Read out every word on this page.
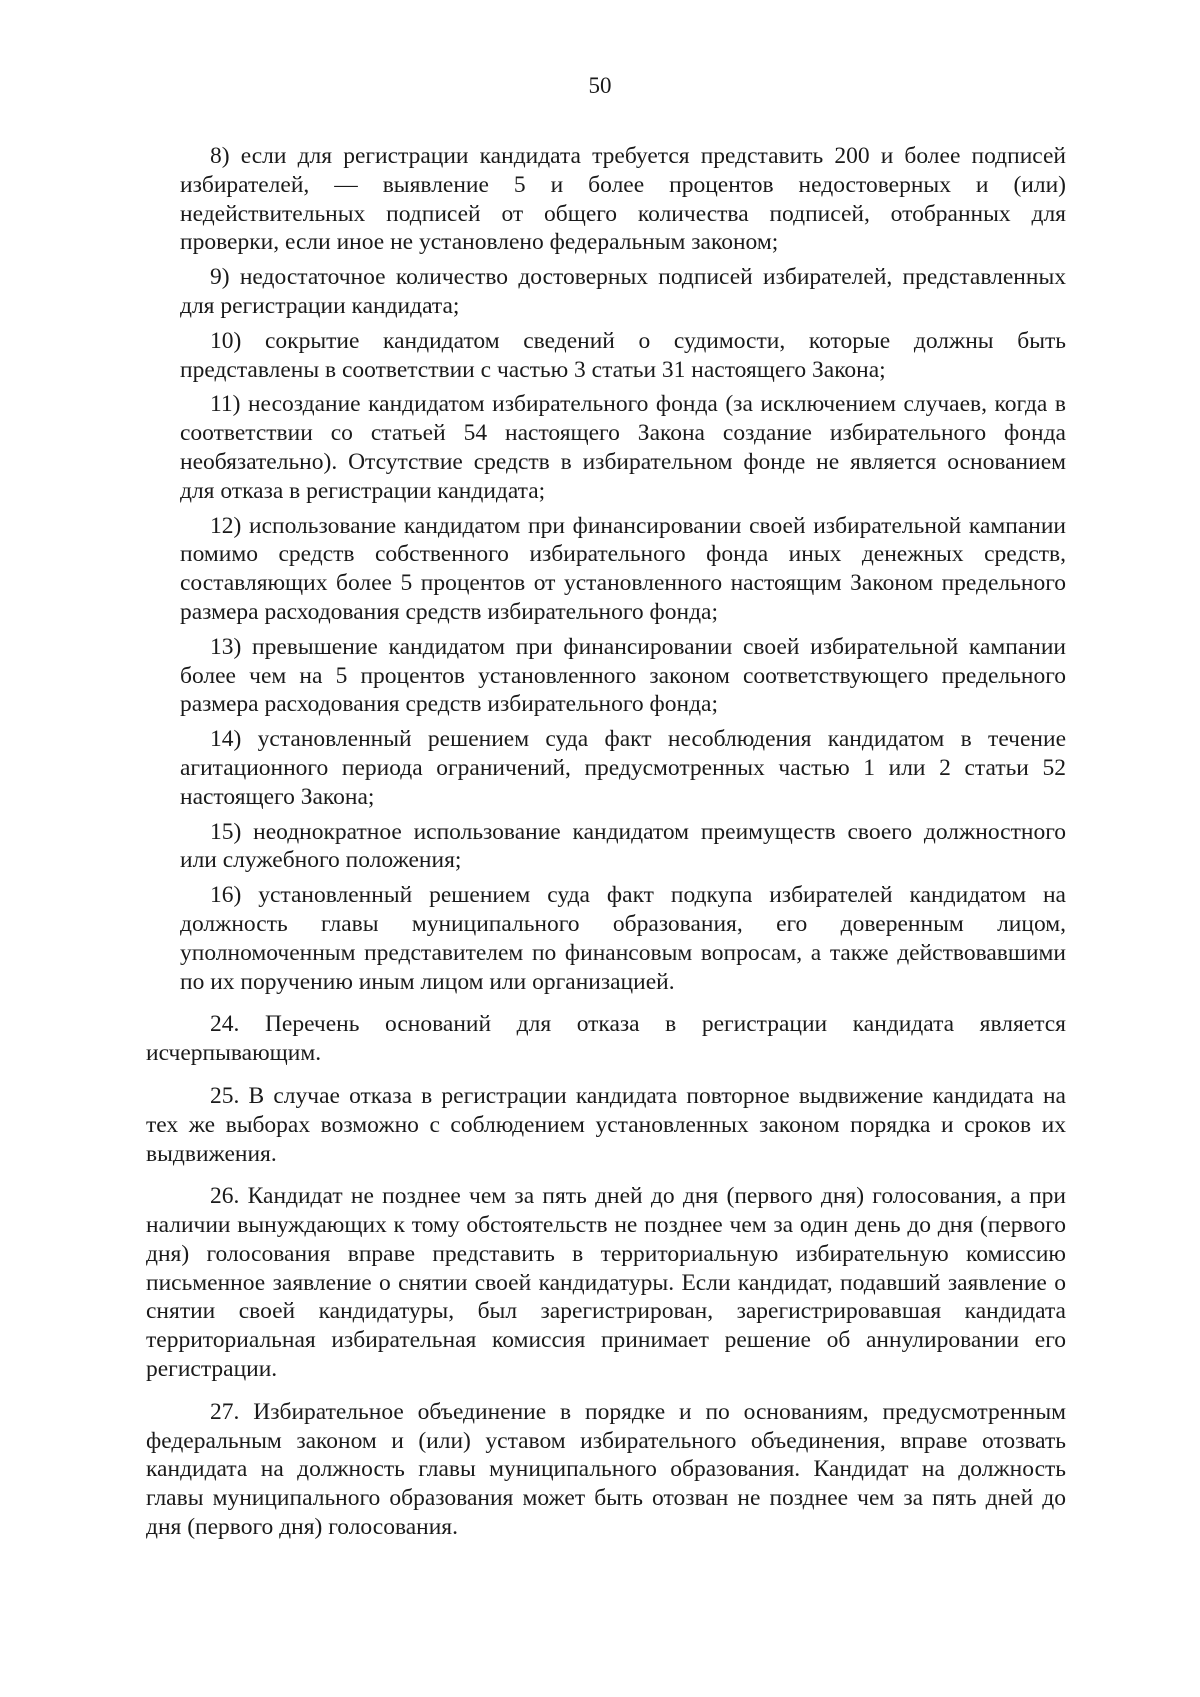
50

8) если для регистрации кандидата требуется представить 200 и более подписей избирателей, — выявление 5 и более процентов недостоверных и (или) недействительных подписей от общего количества подписей, отобранных для проверки, если иное не установлено федеральным законом;

9) недостаточное количество достоверных подписей избирателей, представленных для регистрации кандидата;

10) сокрытие кандидатом сведений о судимости, которые должны быть представлены в соответствии с частью 3 статьи 31 настоящего Закона;

11) несоздание кандидатом избирательного фонда (за исключением случаев, когда в соответствии со статьей 54 настоящего Закона создание избирательного фонда необязательно). Отсутствие средств в избирательном фонде не является основанием для отказа в регистрации кандидата;

12) использование кандидатом при финансировании своей избирательной кампании помимо средств собственного избирательного фонда иных денежных средств, составляющих более 5 процентов от установленного настоящим Законом предельного размера расходования средств избирательного фонда;

13) превышение кандидатом при финансировании своей избирательной кампании более чем на 5 процентов установленного законом соответствующего предельного размера расходования средств избирательного фонда;

14) установленный решением суда факт несоблюдения кандидатом в течение агитационного периода ограничений, предусмотренных частью 1 или 2 статьи 52 настоящего Закона;

15) неоднократное использование кандидатом преимуществ своего должностного или служебного положения;

16) установленный решением суда факт подкупа избирателей кандидатом на должность главы муниципального образования, его доверенным лицом, уполномоченным представителем по финансовым вопросам, а также действовавшими по их поручению иным лицом или организацией.

24. Перечень оснований для отказа в регистрации кандидата является исчерпывающим.

25. В случае отказа в регистрации кандидата повторное выдвижение кандидата на тех же выборах возможно с соблюдением установленных законом порядка и сроков их выдвижения.

26. Кандидат не позднее чем за пять дней до дня (первого дня) голосования, а при наличии вынуждающих к тому обстоятельств не позднее чем за один день до дня (первого дня) голосования вправе представить в территориальную избирательную комиссию письменное заявление о снятии своей кандидатуры. Если кандидат, подавший заявление о снятии своей кандидатуры, был зарегистрирован, зарегистрировавшая кандидата территориальная избирательная комиссия принимает решение об аннулировании его регистрации.

27. Избирательное объединение в порядке и по основаниям, предусмотренным федеральным законом и (или) уставом избирательного объединения, вправе отозвать кандидата на должность главы муниципального образования. Кандидат на должность главы муниципального образования может быть отозван не позднее чем за пять дней до дня (первого дня) голосования.
